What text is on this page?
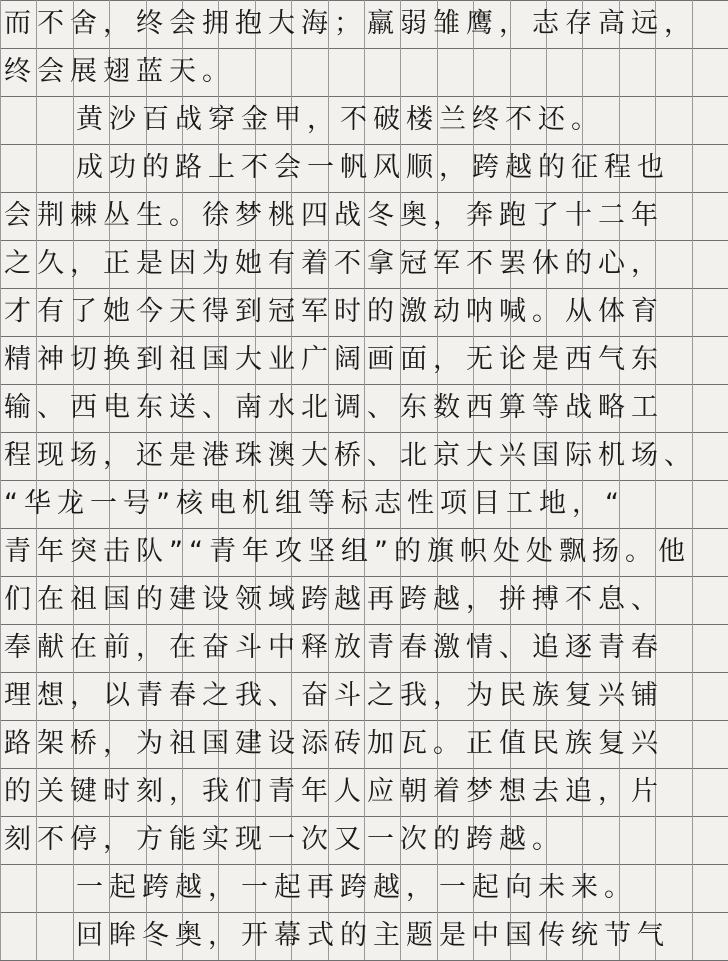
而不舍，终会拥抱大海；羸弱雏鹰，志存高远，
终会展翅蓝天。
黄沙百战穿金甲，不破楼兰终不还。
成功的路上不会一帆风顺，跨越的征程也
会荆棘丛生。徐梦桃四战冬奥，奔跑了十二年
之久，正是因为她有着不拿冠军不罢休的心，
才有了她今天得到冠军时的激动呐喊。从体育
精神切换到祖国大业广阔画面，无论是西气东
输、西电东送、南水北调、东数西算等战略工
程现场，还是港珠澳大桥、北京大兴国际机场、
“华龙一号”核电机组等标志性项目工地，“
青年突击队”“青年攻坚组”的旗帜处处飘扬。他
们在祖国的建设领域跨越再跨越，拼搏不息、
奉献在前，在奋斗中释放青春激情、追逐青春
理想，以青春之我、奋斗之我，为民族复兴铺
路架桥，为祖国建设添砖加瓦。正值民族复兴
的关键时刻，我们青年人应朝着梦想去追，片
刻不停，方能实现一次又一次的跨越。
一起跨越，一起再跨越，一起向未来。
回眸冬奥，开幕式的主题是中国传统节气
